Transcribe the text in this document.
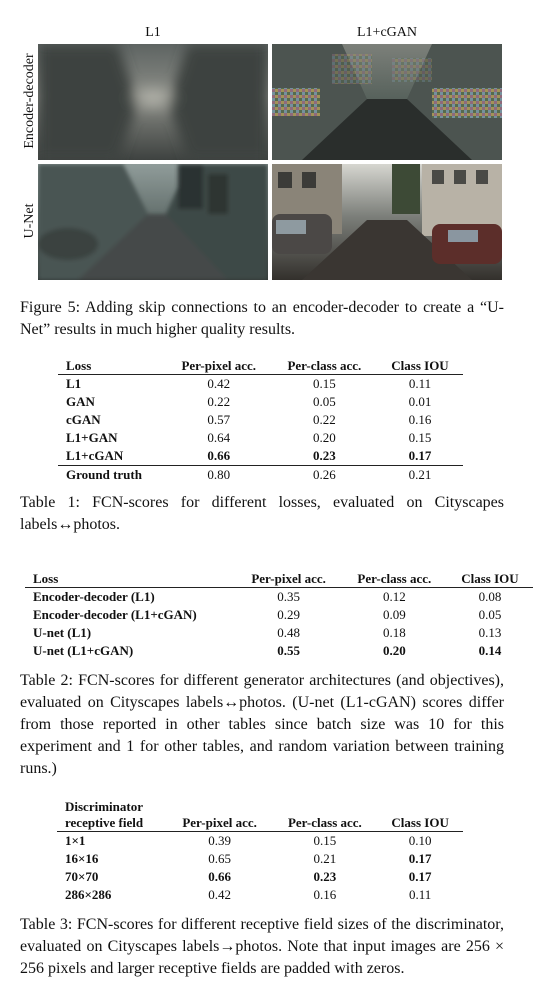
L1	L1+cGAN
Encoder-decoder
U-Net
Figure 5: Adding skip connections to an encoder-decoder to create a “U-Net” results in much higher quality results.
Loss	Per-pixel acc.	Per-class acc.	Class IOU
L1	0.42	0.15	0.11
GAN	0.22	0.05	0.01
cGAN	0.57	0.22	0.16
L1+GAN	0.64	0.20	0.15
L1+cGAN	0.66	0.23	0.17
Ground truth	0.80	0.26	0.21
Table 1: FCN-scores for different losses, evaluated on Cityscapes labels↔photos.
Loss	Per-pixel acc.	Per-class acc.	Class IOU
Encoder-decoder (L1)	0.35	0.12	0.08
Encoder-decoder (L1+cGAN)	0.29	0.09	0.05
U-net (L1)	0.48	0.18	0.13
U-net (L1+cGAN)	0.55	0.20	0.14
Table 2: FCN-scores for different generator architectures (and objectives), evaluated on Cityscapes labels↔photos. (U-net (L1-cGAN) scores differ from those reported in other tables since batch size was 10 for this experiment and 1 for other tables, and random variation between training runs.)
Discriminator			
receptive field	Per-pixel acc.	Per-class acc.	Class IOU
1×1	0.39	0.15	0.10
16×16	0.65	0.21	0.17
70×70	0.66	0.23	0.17
286×286	0.42	0.16	0.11
Table 3: FCN-scores for different receptive field sizes of the discriminator, evaluated on Cityscapes labels→photos. Note that input images are 256 × 256 pixels and larger receptive fields are padded with zeros.
